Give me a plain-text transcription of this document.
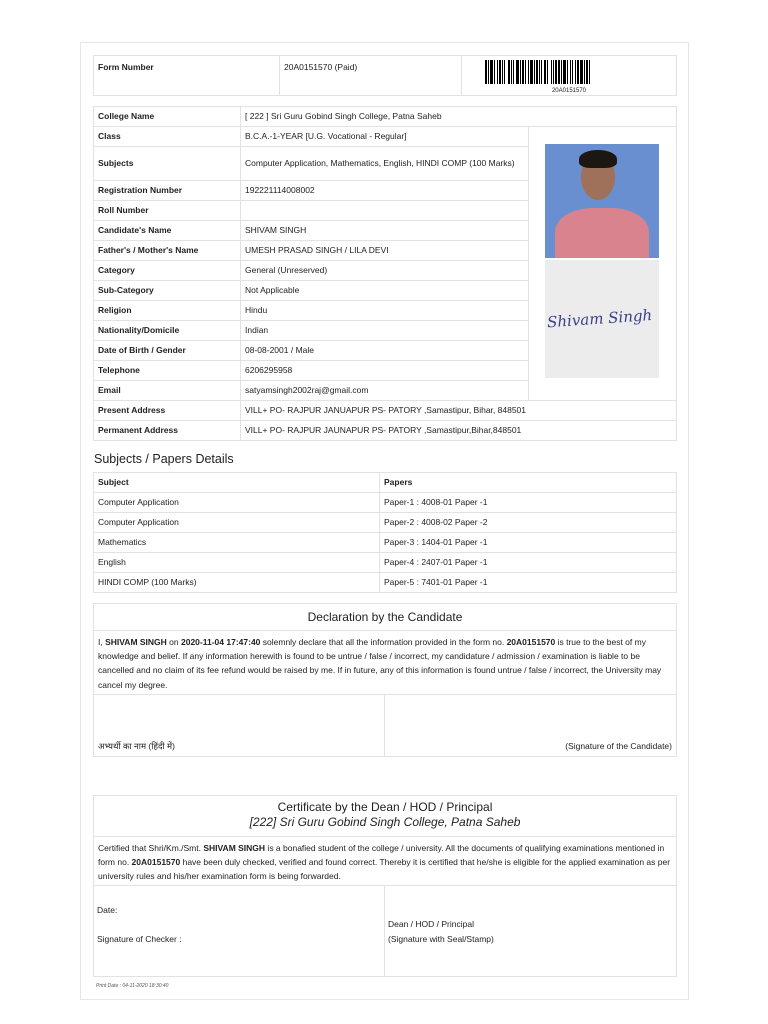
Form Number	20A0151570 (Paid)	
20A0151570
College Name	[ 222 ] Sri Guru Gobind Singh College, Patna Saheb	
Class	B.C.A.-1-YEAR [U.G. Vocational - Regular]	Shivam Singh

Subjects	Computer Application, Mathematics, English, HINDI COMP (100 Marks)	
Registration Number	192221114008002	
Roll Number		
Candidate's Name	SHIVAM SINGH	
Father's / Mother's Name	UMESH PRASAD SINGH / LILA DEVI	
Category	General (Unreserved)	
Sub-Category	Not Applicable	
Religion	Hindu	
Nationality/Domicile	Indian	
Date of Birth / Gender	08-08-2001 / Male	
Telephone	6206295958	
Email	satyamsingh2002raj@gmail.com	
Present Address	VILL+ PO- RAJPUR JANUAPUR PS- PATORY ,Samastipur, Bihar, 848501	
Permanent Address	VILL+ PO- RAJPUR JAUNAPUR PS- PATORY ,Samastipur,Bihar,848501	
Subjects / Papers Details
Subject	Papers
Computer Application	Paper-1 : 4008-01 Paper -1
Computer Application	Paper-2 : 4008-02 Paper -2
Mathematics	Paper-3 : 1404-01 Paper -1
English	Paper-4 : 2407-01 Paper -1
HINDI COMP (100 Marks)	Paper-5 : 7401-01 Paper -1
Declaration by the Candidate
I, SHIVAM SINGH on 2020-11-04 17:47:40 solemnly declare that all the information provided in the form no. 20A0151570 is true to the best of my knowledge and belief. If any information herewith is found to be untrue / false / incorrect, my candidature / admission / examination is liable to be cancelled and no claim of its fee refund would be raised by me. If in future, any of this information is found untrue / false / incorrect, the University may cancel my degree.
अभ्यर्थी का नाम (हिंदी में)	(Signature of the Candidate)
Certificate by the Dean / HOD / Principal
[222] Sri Guru Gobind Singh College, Patna Saheb
Certified that Shri/Km./Smt. SHIVAM SINGH is a bonafied student of the college / university. All the documents of qualifying examinations mentioned in form no. 20A0151570 have been duly checked, verified and found correct. Thereby it is certified that he/she is eligible for the applied examination as per university rules and his/her examination form is being forwarded.
Date:
Signature of Checker :
Dean / HOD / Principal
(Signature with Seal/Stamp)
Print Date : 04-11-2020 18:30:40
